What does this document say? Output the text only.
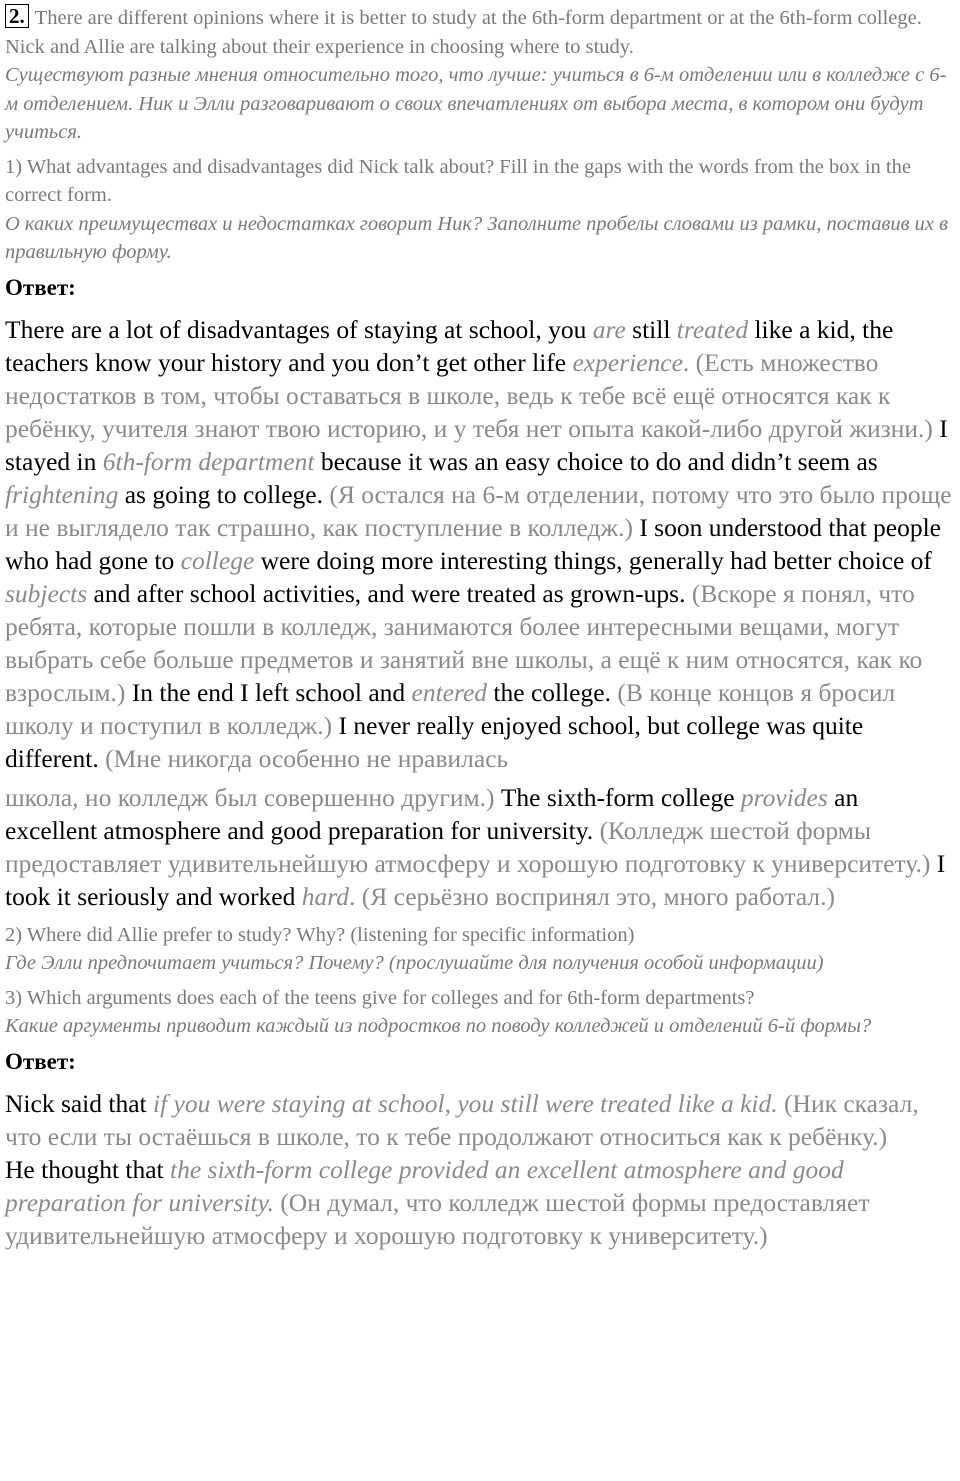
2. There are different opinions where it is better to study at the 6th-form department or at the 6th-form college. Nick and Allie are talking about their experience in choosing where to study.
Существуют разные мнения относительно того, что лучше: учиться в 6-м отделении или в колледже с 6-м отделением. Ник и Элли разговаривают о своих впечатлениях от выбора места, в котором они будут учиться.
1) What advantages and disadvantages did Nick talk about? Fill in the gaps with the words from the box in the correct form.
О каких преимуществах и недостатках говорит Ник? Заполните пробелы словами из рамки, поставив их в правильную форму.
Ответ:
There are a lot of disadvantages of staying at school, you are still treated like a kid, the teachers know your history and you don’t get other life experience. (Есть множество недостатков в том, чтобы оставаться в школе, ведь к тебе всё ещё относятся как к ребёнку, учителя знают твою историю, и у тебя нет опыта какой-либо другой жизни.) I stayed in 6th-form department because it was an easy choice to do and didn’t seem as frightening as going to college. (Я остался на 6-м отделении, потому что это было проще и не выглядело так страшно, как поступление в колледж.) I soon understood that people who had gone to college were doing more interesting things, generally had better choice of subjects and after school activities, and were treated as grown-ups. (Вскоре я понял, что ребята, которые пошли в колледж, занимаются более интересными вещами, могут выбрать себе больше предметов и занятий вне школы, а ещё к ним относятся, как ко взрослым.) In the end I left school and entered the college. (В конце концов я бросил школу и поступил в колледж.) I never really enjoyed school, but college was quite different. (Мне никогда особенно не нравилась
школа, но колледж был совершенно другим.) The sixth-form college provides an excellent atmosphere and good preparation for university. (Колледж шестой формы предоставляет удивительнейшую атмосферу и хорошую подготовку к университету.) I took it seriously and worked hard. (Я серьёзно воспринял это, много работал.)
2) Where did Allie prefer to study? Why? (listening for specific information)
Где Элли предпочитает учиться? Почему? (прослушайте для получения особой информации)
3) Which arguments does each of the teens give for colleges and for 6th-form departments?
Какие аргументы приводит каждый из подростков по поводу колледжей и отделений 6-й формы?
Ответ:
Nick said that if you were staying at school, you still were treated like a kid. (Ник сказал, что если ты остаёшься в школе, то к тебе продолжают относиться как к ребёнку.)
He thought that the sixth-form college provided an excellent atmosphere and good preparation for university. (Он думал, что колледж шестой формы предоставляет удивительнейшую атмосферу и хорошую подготовку к университету.)
